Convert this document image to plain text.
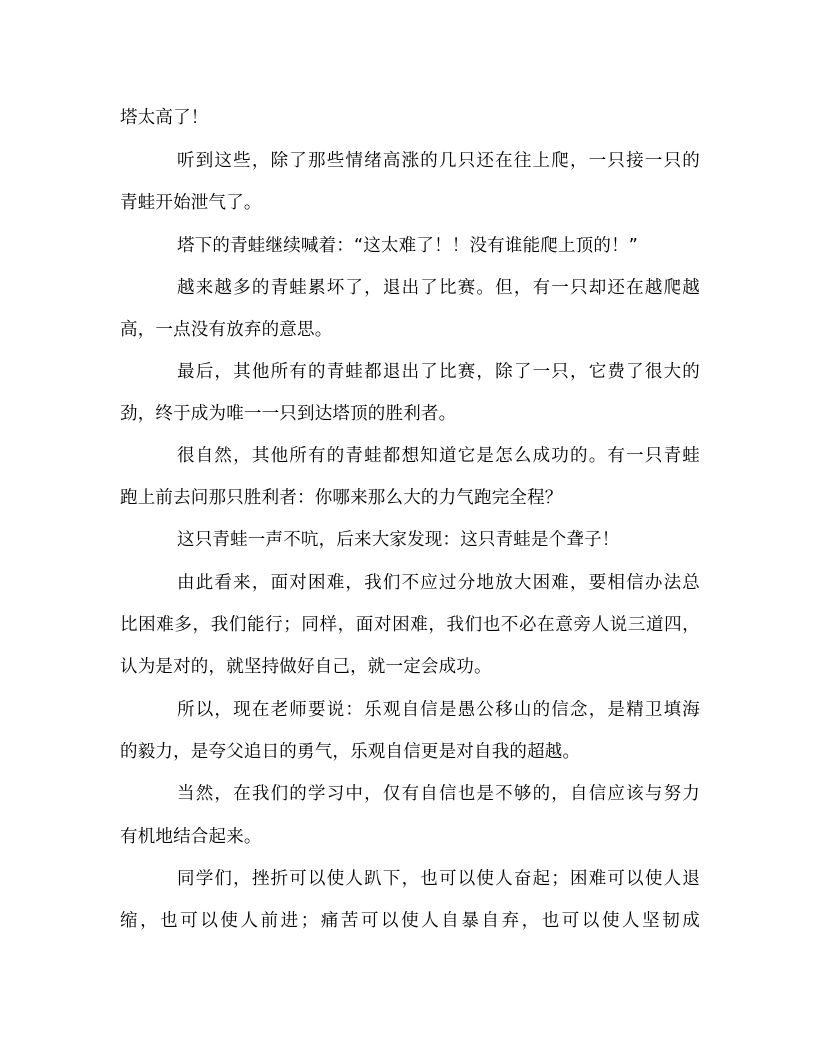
塔太高了！
听到这些，除了那些情绪高涨的几只还在往上爬，一只接一只的
青蛙开始泄气了。
塔下的青蛙继续喊着：“这太难了！！没有谁能爬上顶的！”
越来越多的青蛙累坏了，退出了比赛。但，有一只却还在越爬越
高，一点没有放弃的意思。
最后，其他所有的青蛙都退出了比赛，除了一只，它费了很大的
劲，终于成为唯一一只到达塔顶的胜利者。
很自然，其他所有的青蛙都想知道它是怎么成功的。有一只青蛙
跑上前去问那只胜利者：你哪来那么大的力气跑完全程？
这只青蛙一声不吭，后来大家发现：这只青蛙是个聋子！
由此看来，面对困难，我们不应过分地放大困难，要相信办法总
比困难多，我们能行；同样，面对困难，我们也不必在意旁人说三道四，
认为是对的，就坚持做好自己，就一定会成功。
所以，现在老师要说：乐观自信是愚公移山的信念，是精卫填海
的毅力，是夸父追日的勇气，乐观自信更是对自我的超越。
当然，在我们的学习中，仅有自信也是不够的，自信应该与努力
有机地结合起来。
同学们，挫折可以使人趴下，也可以使人奋起；困难可以使人退
缩，也可以使人前进；痛苦可以使人自暴自弃，也可以使人坚韧成
